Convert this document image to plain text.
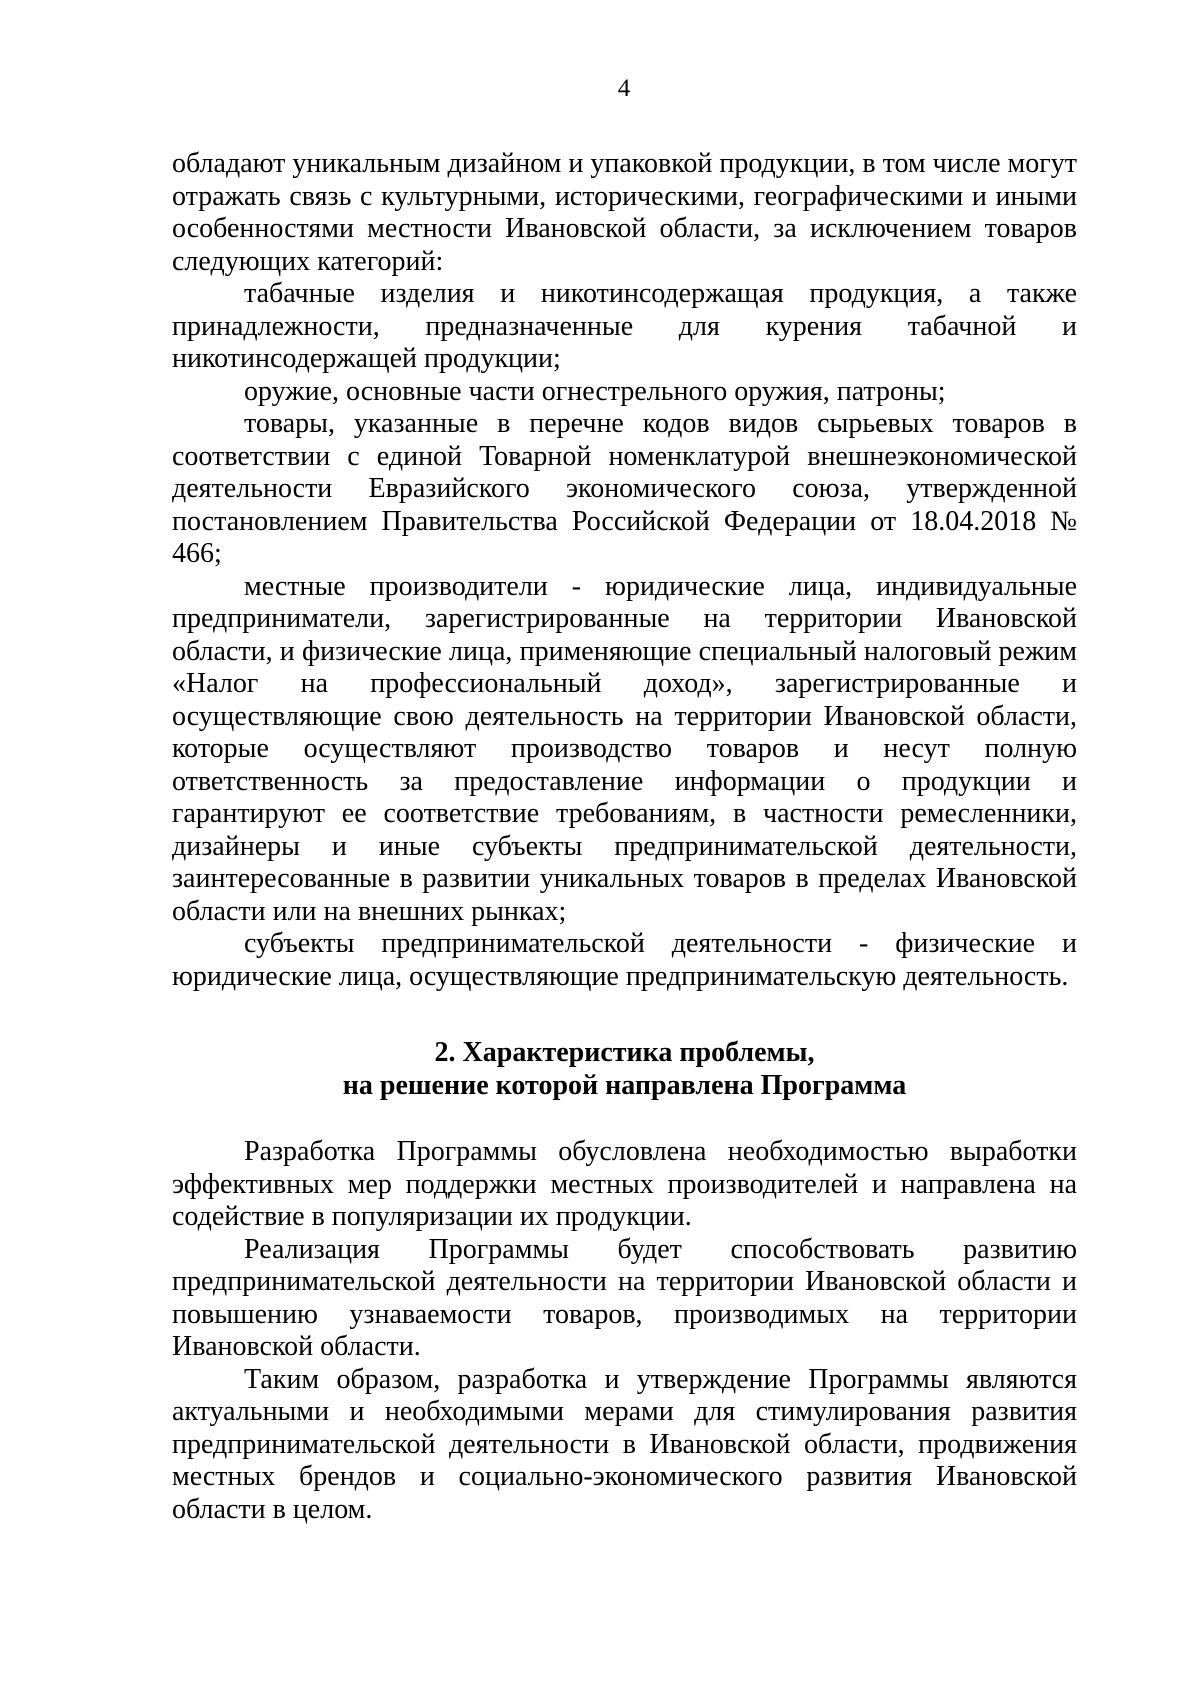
4

обладают уникальным дизайном и упаковкой продукции, в том числе могут отражать связь с культурными, историческими, географическими и иными особенностями местности Ивановской области, за исключением товаров следующих категорий:

табачные изделия и никотинсодержащая продукция, а также принадлежности, предназначенные для курения табачной и никотинсодержащей продукции;

оружие, основные части огнестрельного оружия, патроны;

товары, указанные в перечне кодов видов сырьевых товаров в соответствии с единой Товарной номенклатурой внешнеэкономической деятельности Евразийского экономического союза, утвержденной постановлением Правительства Российской Федерации от 18.04.2018 № 466;

местные производители - юридические лица, индивидуальные предприниматели, зарегистрированные на территории Ивановской области, и физические лица, применяющие специальный налоговый режим «Налог на профессиональный доход», зарегистрированные и осуществляющие свою деятельность на территории Ивановской области, которые осуществляют производство товаров и несут полную ответственность за предоставление информации о продукции и гарантируют ее соответствие требованиям, в частности ремесленники, дизайнеры и иные субъекты предпринимательской деятельности, заинтересованные в развитии уникальных товаров в пределах Ивановской области или на внешних рынках;

субъекты предпринимательской деятельности - физические и юридические лица, осуществляющие предпринимательскую деятельность.

2. Характеристика проблемы,
на решение которой направлена Программа

Разработка Программы обусловлена необходимостью выработки эффективных мер поддержки местных производителей и направлена на содействие в популяризации их продукции.

Реализация Программы будет способствовать развитию предпринимательской деятельности на территории Ивановской области и повышению узнаваемости товаров, производимых на территории Ивановской области.

Таким образом, разработка и утверждение Программы являются актуальными и необходимыми мерами для стимулирования развития предпринимательской деятельности в Ивановской области, продвижения местных брендов и социально-экономического развития Ивановской области в целом.
